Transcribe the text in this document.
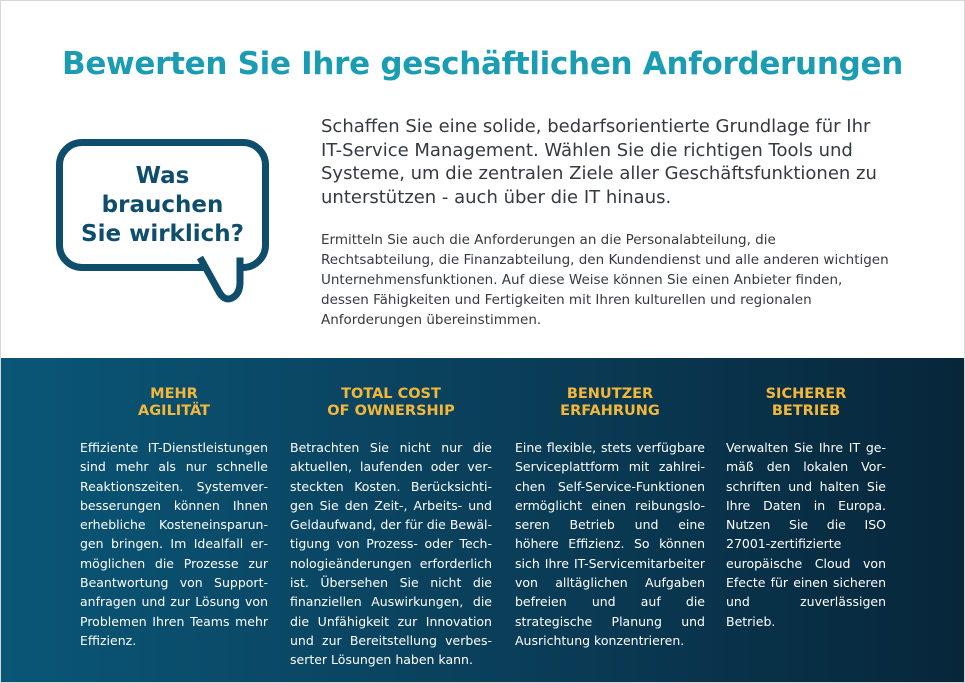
Bewerten Sie Ihre geschäftlichen Anforderungen
Was brauchen
Sie wirklich?

Schaffen Sie eine solide, bedarfsorientierte Grundlage für Ihr IT-Service Management. Wählen Sie die richtigen Tools und Systeme, um die zentralen Ziele aller Geschäftsfunktionen zu unterstützen - auch über die IT hinaus.

Ermitteln Sie auch die Anforderungen an die Personalabteilung, die Rechtsabteilung, die Finanzabteilung, den Kundendienst und alle anderen wichtigen Unternehmensfunktionen. Auf diese Weise können Sie einen Anbieter finden, dessen Fähigkeiten und Fertigkeiten mit Ihren kulturellen und regionalen Anforderungen übereinstimmen.

MEHR
AGILITÄT

Effiziente IT-Dienstleistungen sind mehr als nur schnelle Reaktionszeiten. Systemverbesserungen können Ihnen erhebliche Kosteneinsparungen bringen. Im Idealfall ermöglichen die Prozesse zur Beantwortung von Supportanfragen und zur Lösung von Problemen Ihren Teams mehr Effizienz.

TOTAL COST
OF OWNERSHIP

Betrachten Sie nicht nur die aktuellen, laufenden oder versteckten Kosten. Berücksichtigen Sie den Zeit-, Arbeits- und Geldaufwand, der für die Bewältigung von Prozess- oder Technologieänderungen erforderlich ist. Übersehen Sie nicht die finanziellen Auswirkungen, die die Unfähigkeit zur Innovation und zur Bereitstellung verbesserter Lösungen haben kann.

BENUTZER
ERFAHRUNG

Eine flexible, stets verfügbare Serviceplattform mit zahlreichen Self-Service-Funktionen ermöglicht einen reibungsloseren Betrieb und eine höhere Effizienz. So können sich Ihre IT-Servicemitarbeiter von alltäglichen Aufgaben befreien und auf die strategische Planung und Ausrichtung konzentrieren.

SICHERER
BETRIEB

Verwalten Sie Ihre IT gemäß den lokalen Vorschriften und halten Sie Ihre Daten in Europa. Nutzen Sie die ISO 27001-zertifizierte europäische Cloud von Efecte für einen sicheren und zuverlässigen Betrieb.
